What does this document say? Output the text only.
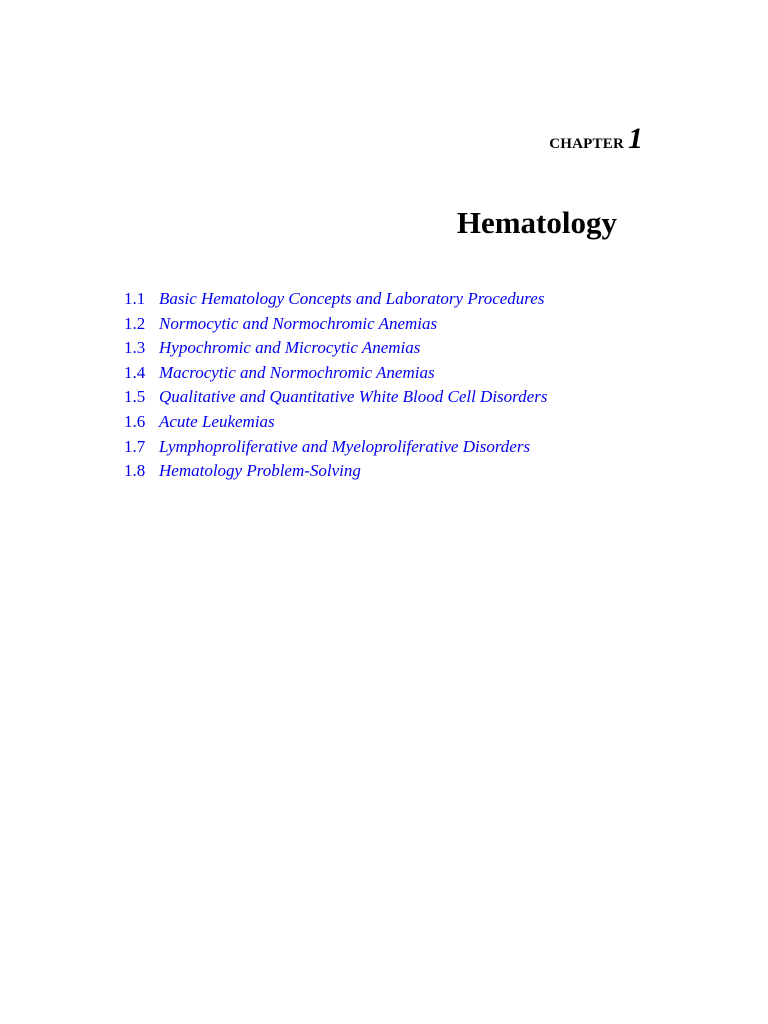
CHAPTER 1
Hematology
1.1 Basic Hematology Concepts and Laboratory Procedures
1.2 Normocytic and Normochromic Anemias
1.3 Hypochromic and Microcytic Anemias
1.4 Macrocytic and Normochromic Anemias
1.5 Qualitative and Quantitative White Blood Cell Disorders
1.6 Acute Leukemias
1.7 Lymphoproliferative and Myeloproliferative Disorders
1.8 Hematology Problem-Solving
